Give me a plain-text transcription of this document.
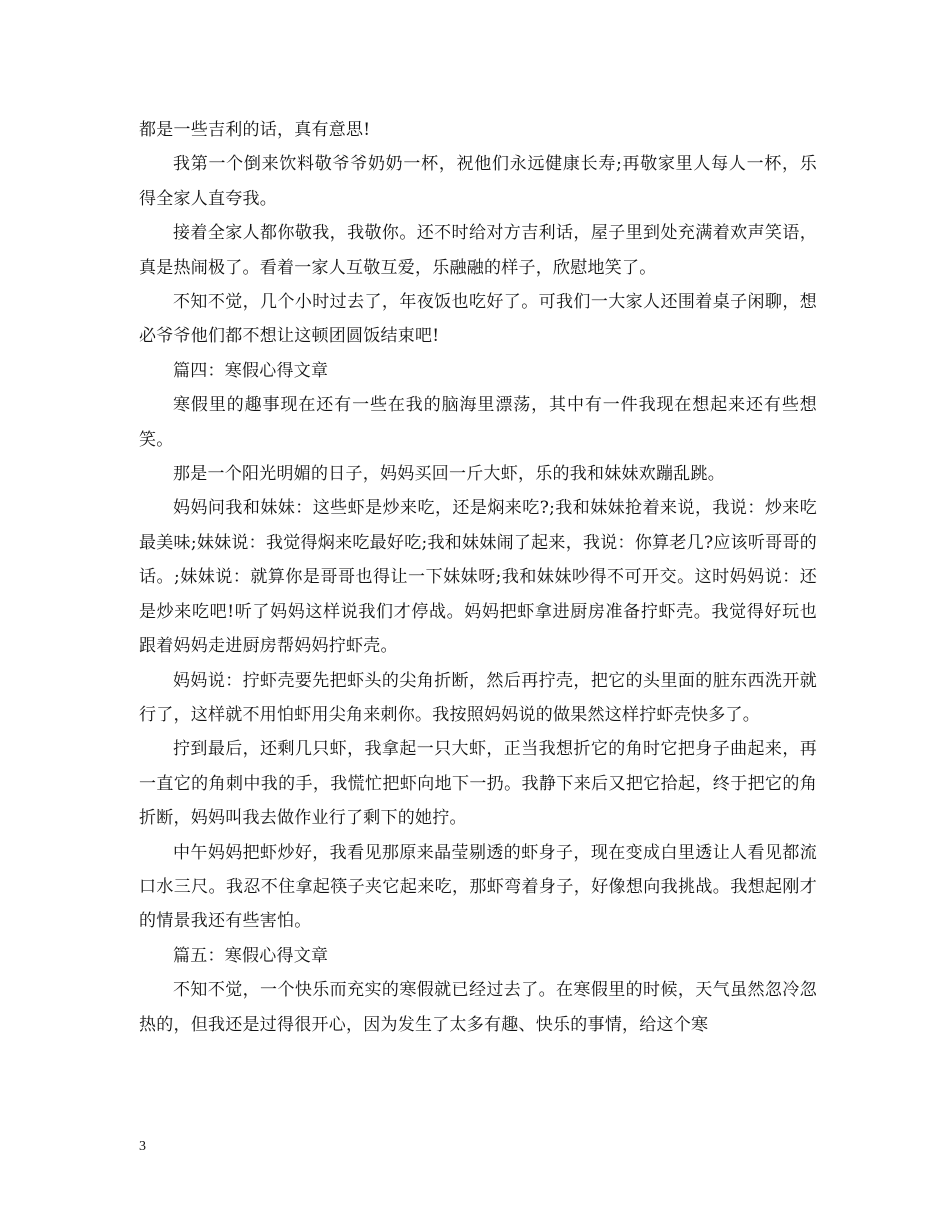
都是一些吉利的话，真有意思!

我第一个倒来饮料敬爷爷奶奶一杯，祝他们永远健康长寿;再敬家里人每人一杯，乐得全家人直夸我。

接着全家人都你敬我，我敬你。还不时给对方吉利话，屋子里到处充满着欢声笑语，真是热闹极了。看着一家人互敬互爱，乐融融的样子，欣慰地笑了。

不知不觉，几个小时过去了，年夜饭也吃好了。可我们一大家人还围着桌子闲聊，想必爷爷他们都不想让这顿团圆饭结束吧!

篇四：寒假心得文章

寒假里的趣事现在还有一些在我的脑海里漂荡，其中有一件我现在想起来还有些想笑。

那是一个阳光明媚的日子，妈妈买回一斤大虾，乐的我和妹妹欢蹦乱跳。

妈妈问我和妹妹：这些虾是炒来吃，还是焖来吃?;我和妹妹抢着来说，我说：炒来吃最美味;妹妹说：我觉得焖来吃最好吃;我和妹妹闹了起来，我说：你算老几?应该听哥哥的话。;妹妹说：就算你是哥哥也得让一下妹妹呀;我和妹妹吵得不可开交。这时妈妈说：还是炒来吃吧!听了妈妈这样说我们才停战。妈妈把虾拿进厨房准备拧虾壳。我觉得好玩也跟着妈妈走进厨房帮妈妈拧虾壳。

妈妈说：拧虾壳要先把虾头的尖角折断，然后再拧壳，把它的头里面的脏东西洗开就行了，这样就不用怕虾用尖角来刺你。我按照妈妈说的做果然这样拧虾壳快多了。

拧到最后，还剩几只虾，我拿起一只大虾，正当我想折它的角时它把身子曲起来，再一直它的角刺中我的手，我慌忙把虾向地下一扔。我静下来后又把它拾起，终于把它的角折断，妈妈叫我去做作业行了剩下的她拧。

中午妈妈把虾炒好，我看见那原来晶莹剔透的虾身子，现在变成白里透让人看见都流口水三尺。我忍不住拿起筷子夹它起来吃，那虾弯着身子，好像想向我挑战。我想起刚才的情景我还有些害怕。

篇五：寒假心得文章

不知不觉，一个快乐而充实的寒假就已经过去了。在寒假里的时候，天气虽然忽冷忽热的，但我还是过得很开心，因为发生了太多有趣、快乐的事情，给这个寒

3
